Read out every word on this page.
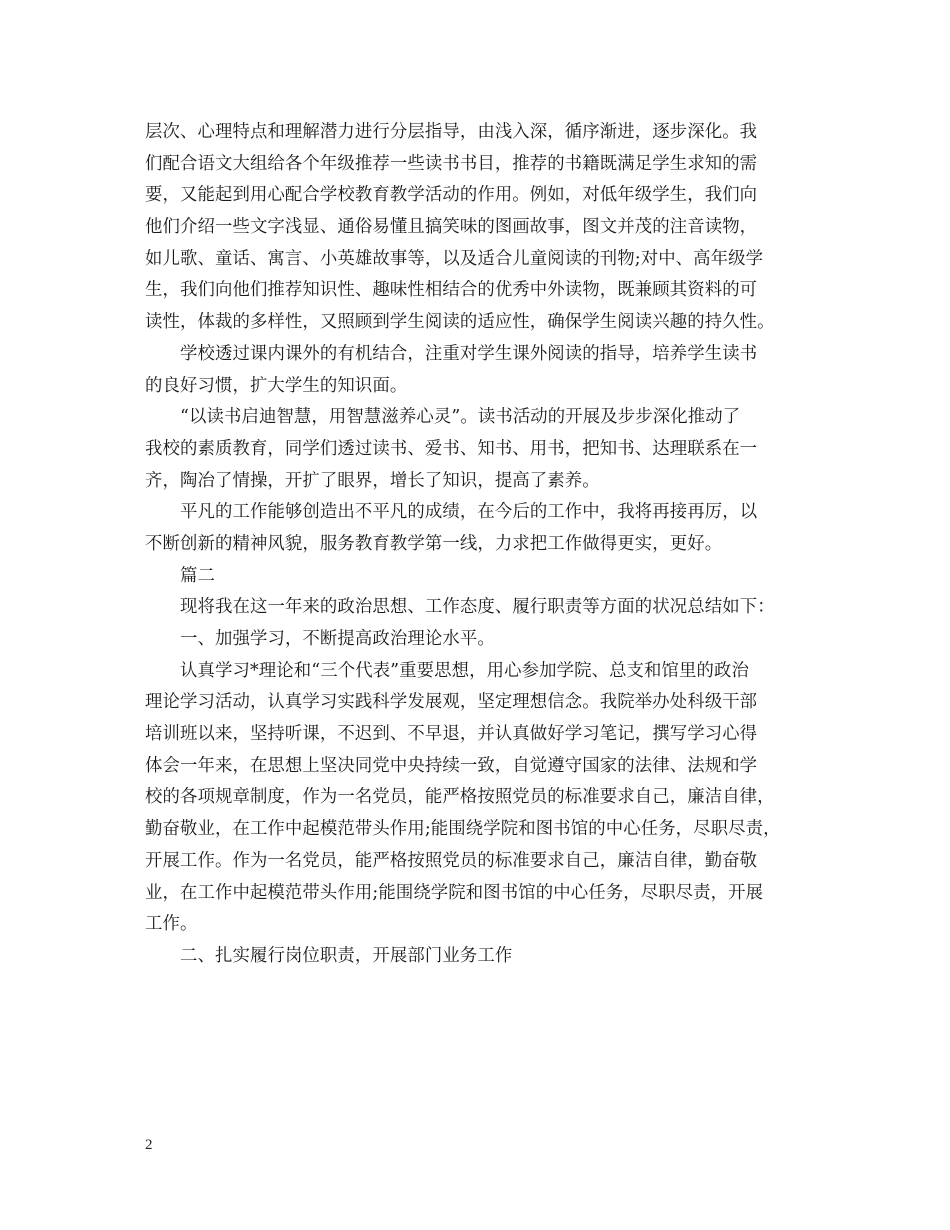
层次、心理特点和理解潜力进行分层指导，由浅入深，循序渐进，逐步深化。我
们配合语文大组给各个年级推荐一些读书书目，推荐的书籍既满足学生求知的需
要，又能起到用心配合学校教育教学活动的作用。例如，对低年级学生，我们向
他们介绍一些文字浅显、通俗易懂且搞笑味的图画故事，图文并茂的注音读物，
如儿歌、童话、寓言、小英雄故事等，以及适合儿童阅读的刊物;对中、高年级学
生，我们向他们推荐知识性、趣味性相结合的优秀中外读物，既兼顾其资料的可
读性，体裁的多样性，又照顾到学生阅读的适应性，确保学生阅读兴趣的持久性。
学校透过课内课外的有机结合，注重对学生课外阅读的指导，培养学生读书
的良好习惯，扩大学生的知识面。
“以读书启迪智慧，用智慧滋养心灵”。读书活动的开展及步步深化推动了
我校的素质教育，同学们透过读书、爱书、知书、用书，把知书、达理联系在一
齐，陶冶了情操，开扩了眼界，增长了知识，提高了素养。
平凡的工作能够创造出不平凡的成绩，在今后的工作中，我将再接再厉，以
不断创新的精神风貌，服务教育教学第一线，力求把工作做得更实，更好。
篇二
现将我在这一年来的政治思想、工作态度、履行职责等方面的状况总结如下：
一、加强学习，不断提高政治理论水平。
认真学习*理论和“三个代表”重要思想，用心参加学院、总支和馆里的政治
理论学习活动，认真学习实践科学发展观，坚定理想信念。我院举办处科级干部
培训班以来，坚持听课，不迟到、不早退，并认真做好学习笔记，撰写学习心得
体会一年来，在思想上坚决同党中央持续一致，自觉遵守国家的法律、法规和学
校的各项规章制度，作为一名党员，能严格按照党员的标准要求自己，廉洁自律，
勤奋敬业，在工作中起模范带头作用;能围绕学院和图书馆的中心任务，尽职尽责，
开展工作。作为一名党员，能严格按照党员的标准要求自己，廉洁自律，勤奋敬
业，在工作中起模范带头作用;能围绕学院和图书馆的中心任务，尽职尽责，开展
工作。
二、扎实履行岗位职责，开展部门业务工作
2
